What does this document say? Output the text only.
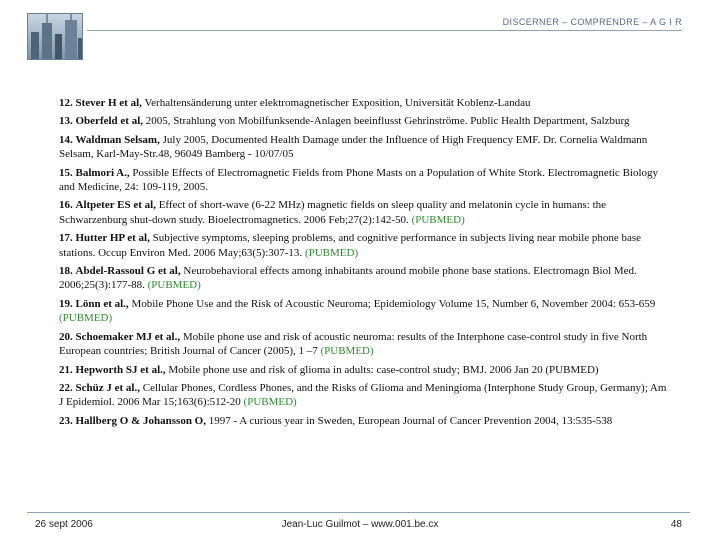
DISCERNER – COMPRENDRE – A G I R

12. Stever H et al, Verhaltensänderung unter elektromagnetischer Exposition, Universität Koblenz-Landau

13. Oberfeld et al, 2005, Strahlung von Mobilfunksende-Anlagen beeinflusst Gehrinströme. Public Health Department, Salzburg

14. Waldman Selsam, July 2005, Documented Health Damage under the Influence of High Frequency EMF. Dr. Cornelia Waldmann Selsam, Karl-May-Str.48, 96049 Bamberg - 10/07/05

15. Balmori A., Possible Effects of Electromagnetic Fields from Phone Masts on a Population of White Stork. Electromagnetic Biology and Medicine, 24: 109-119, 2005.

16. Altpeter ES et al, Effect of short-wave (6-22 MHz) magnetic fields on sleep quality and melatonin cycle in humans: the Schwarzenburg shut-down study. Bioelectromagnetics. 2006 Feb;27(2):142-50. (PUBMED)

17. Hutter HP et al, Subjective symptoms, sleeping problems, and cognitive performance in subjects living near mobile phone base stations. Occup Environ Med. 2006 May;63(5):307-13. (PUBMED)

18. Abdel-Rassoul G et al, Neurobehavioral effects among inhabitants around mobile phone base stations. Electromagn Biol Med. 2006;25(3):177-88. (PUBMED)

19. Lönn et al., Mobile Phone Use and the Risk of Acoustic Neuroma; Epidemiology Volume 15, Number 6, November 2004: 653-659 (PUBMED)

20. Schoemaker MJ et al., Mobile phone use and risk of acoustic neuroma: results of the Interphone case-control study in five North European countries; British Journal of Cancer (2005), 1 –7 (PUBMED)

21. Hepworth SJ et al., Mobile phone use and risk of glioma in adults: case-control study; BMJ. 2006 Jan 20 (PUBMED)

22. Schüz J et al., Cellular Phones, Cordless Phones, and the Risks of Glioma and Meningioma (Interphone Study Group, Germany); Am J Epidemiol. 2006 Mar 15;163(6):512-20 (PUBMED)

23. Hallberg O & Johansson O, 1997 - A curious year in Sweden, European Journal of Cancer Prevention 2004, 13:535-538

26 sept 2006	Jean-Luc Guilmot – www.001.be.cx	48
